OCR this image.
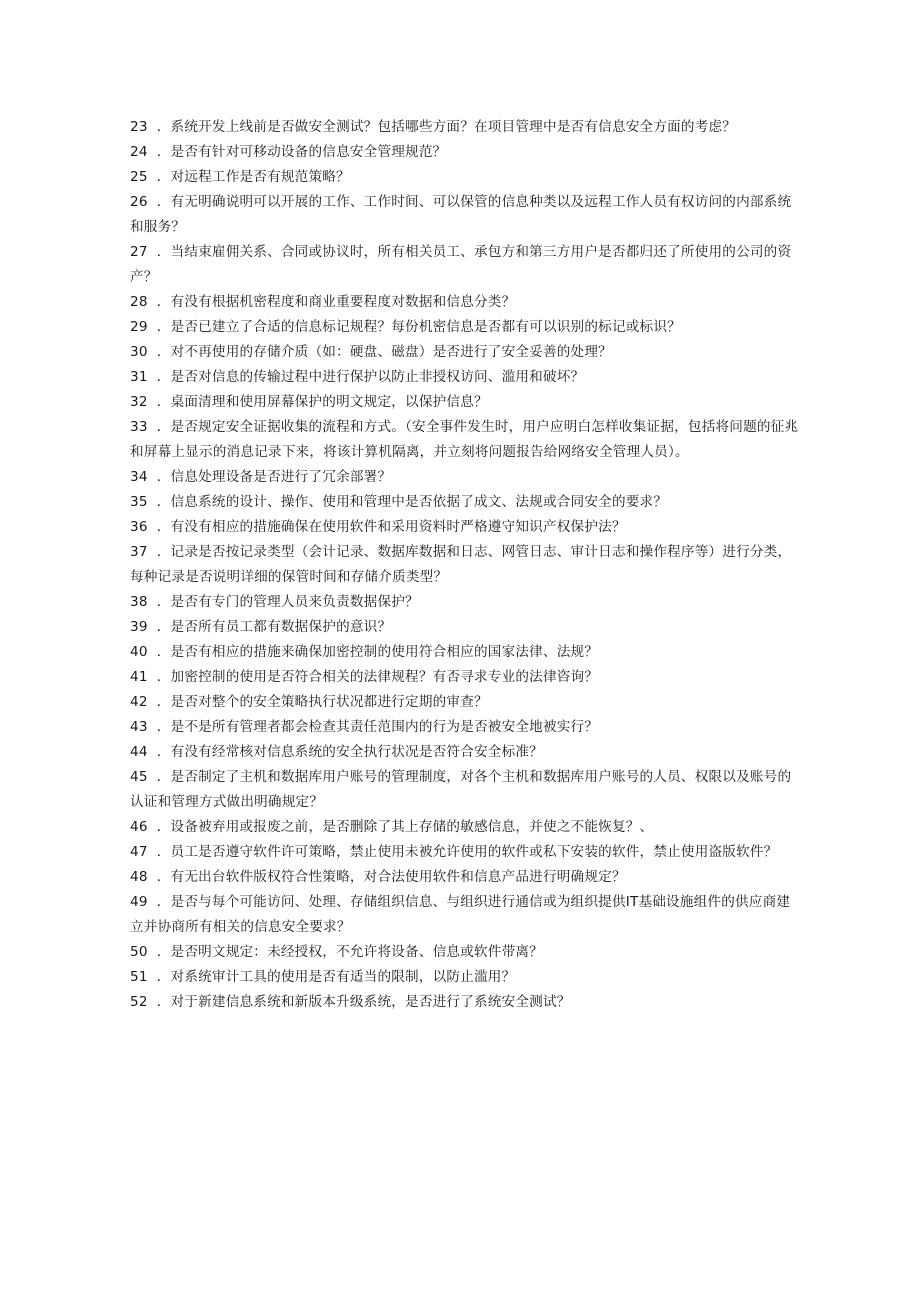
23 ．系统开发上线前是否做安全测试？包括哪些方面？在项目管理中是否有信息安全方面的考虑？

24 ．是否有针对可移动设备的信息安全管理规范？

25 ．对远程工作是否有规范策略？

26 ．有无明确说明可以开展的工作、工作时间、可以保管的信息种类以及远程工作人员有权访问的内部系统和服务？

27 ．当结束雇佣关系、合同或协议时，所有相关员工、承包方和第三方用户是否都归还了所使用的公司的资产？

28 ．有没有根据机密程度和商业重要程度对数据和信息分类？

29 ．是否已建立了合适的信息标记规程？每份机密信息是否都有可以识别的标记或标识？

30 ．对不再使用的存储介质（如：硬盘、磁盘）是否进行了安全妥善的处理？

31 ．是否对信息的传输过程中进行保护以防止非授权访问、滥用和破坏？

32 ．桌面清理和使用屏幕保护的明文规定，以保护信息？

33 ．是否规定安全证据收集的流程和方式。（安全事件发生时，用户应明白怎样收集证据，包括将问题的征兆和屏幕上显示的消息记录下来，将该计算机隔离，并立刻将问题报告给网络安全管理人员）。

34 ．信息处理设备是否进行了冗余部署？

35 ．信息系统的设计、操作、使用和管理中是否依据了成文、法规或合同安全的要求？

36 ．有没有相应的措施确保在使用软件和采用资料时严格遵守知识产权保护法？

37 ．记录是否按记录类型（会计记录、数据库数据和日志、网管日志、审计日志和操作程序等）进行分类，每种记录是否说明详细的保管时间和存储介质类型？

38 ．是否有专门的管理人员来负责数据保护？

39 ．是否所有员工都有数据保护的意识？

40 ．是否有相应的措施来确保加密控制的使用符合相应的国家法律、法规？

41 ．加密控制的使用是否符合相关的法律规程？有否寻求专业的法律咨询？

42 ．是否对整个的安全策略执行状况都进行定期的审查？

43 ．是不是所有管理者都会检查其责任范围内的行为是否被安全地被实行？

44 ．有没有经常核对信息系统的安全执行状况是否符合安全标准？

45 ．是否制定了主机和数据库用户账号的管理制度，对各个主机和数据库用户账号的人员、权限以及账号的认证和管理方式做出明确规定？

46 ．设备被弃用或报废之前，是否删除了其上存储的敏感信息，并使之不能恢复？、

47 ．员工是否遵守软件许可策略，禁止使用未被允许使用的软件或私下安装的软件，禁止使用盗版软件？

48 ．有无出台软件版权符合性策略，对合法使用软件和信息产品进行明确规定？

49 ．是否与每个可能访问、处理、存储组织信息、与组织进行通信或为组织提供IT基础设施组件的供应商建立并协商所有相关的信息安全要求？

50 ．是否明文规定：未经授权，不允许将设备、信息或软件带离？

51 ．对系统审计工具的使用是否有适当的限制，以防止滥用？

52 ．对于新建信息系统和新版本升级系统，是否进行了系统安全测试？
